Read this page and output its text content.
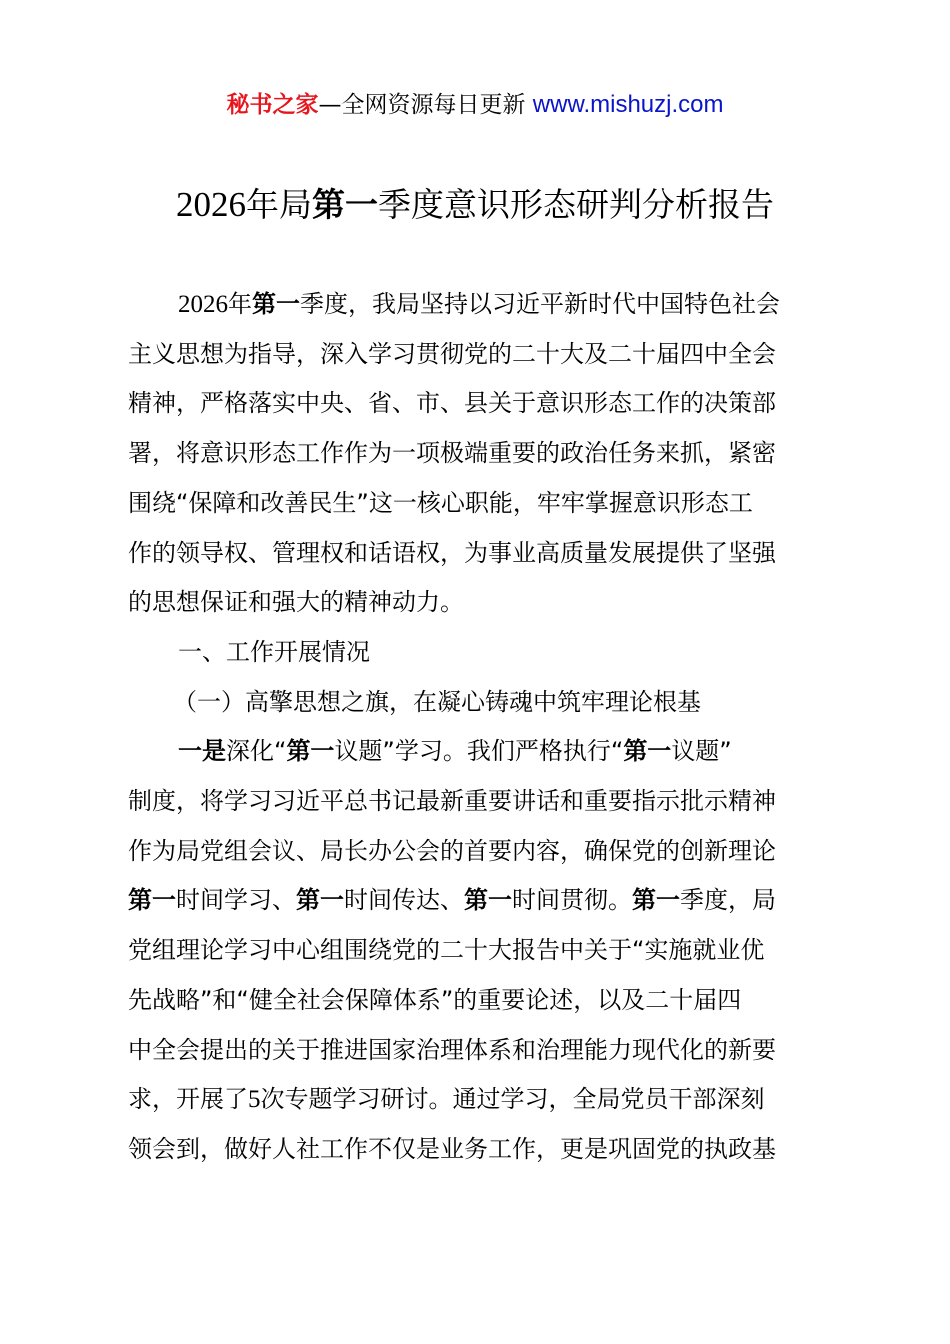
秘书之家—全网资源每日更新 www.mishuzj.com
2026年局第一季度意识形态研判分析报告

2026年第一季度，我局坚持以习近平新时代中国特色社会
主义思想为指导，深入学习贯彻党的二十大及二十届四中全会
精神，严格落实中央、省、市、县关于意识形态工作的决策部
署，将意识形态工作作为一项极端重要的政治任务来抓，紧密
围绕“保障和改善民生”这一核心职能，牢牢掌握意识形态工
作的领导权、管理权和话语权，为事业高质量发展提供了坚强
的思想保证和强大的精神动力。

一、工作开展情况

（一）高擎思想之旗，在凝心铸魂中筑牢理论根基

一是深化“第一议题”学习。我们严格执行“第一议题”
制度，将学习习近平总书记最新重要讲话和重要指示批示精神
作为局党组会议、局长办公会的首要内容，确保党的创新理论
第一时间学习、第一时间传达、第一时间贯彻。第一季度，局
党组理论学习中心组围绕党的二十大报告中关于“实施就业优
先战略”和“健全社会保障体系”的重要论述，以及二十届四
中全会提出的关于推进国家治理体系和治理能力现代化的新要
求，开展了5次专题学习研讨。通过学习，全局党员干部深刻
领会到，做好人社工作不仅是业务工作，更是巩固党的执政基
